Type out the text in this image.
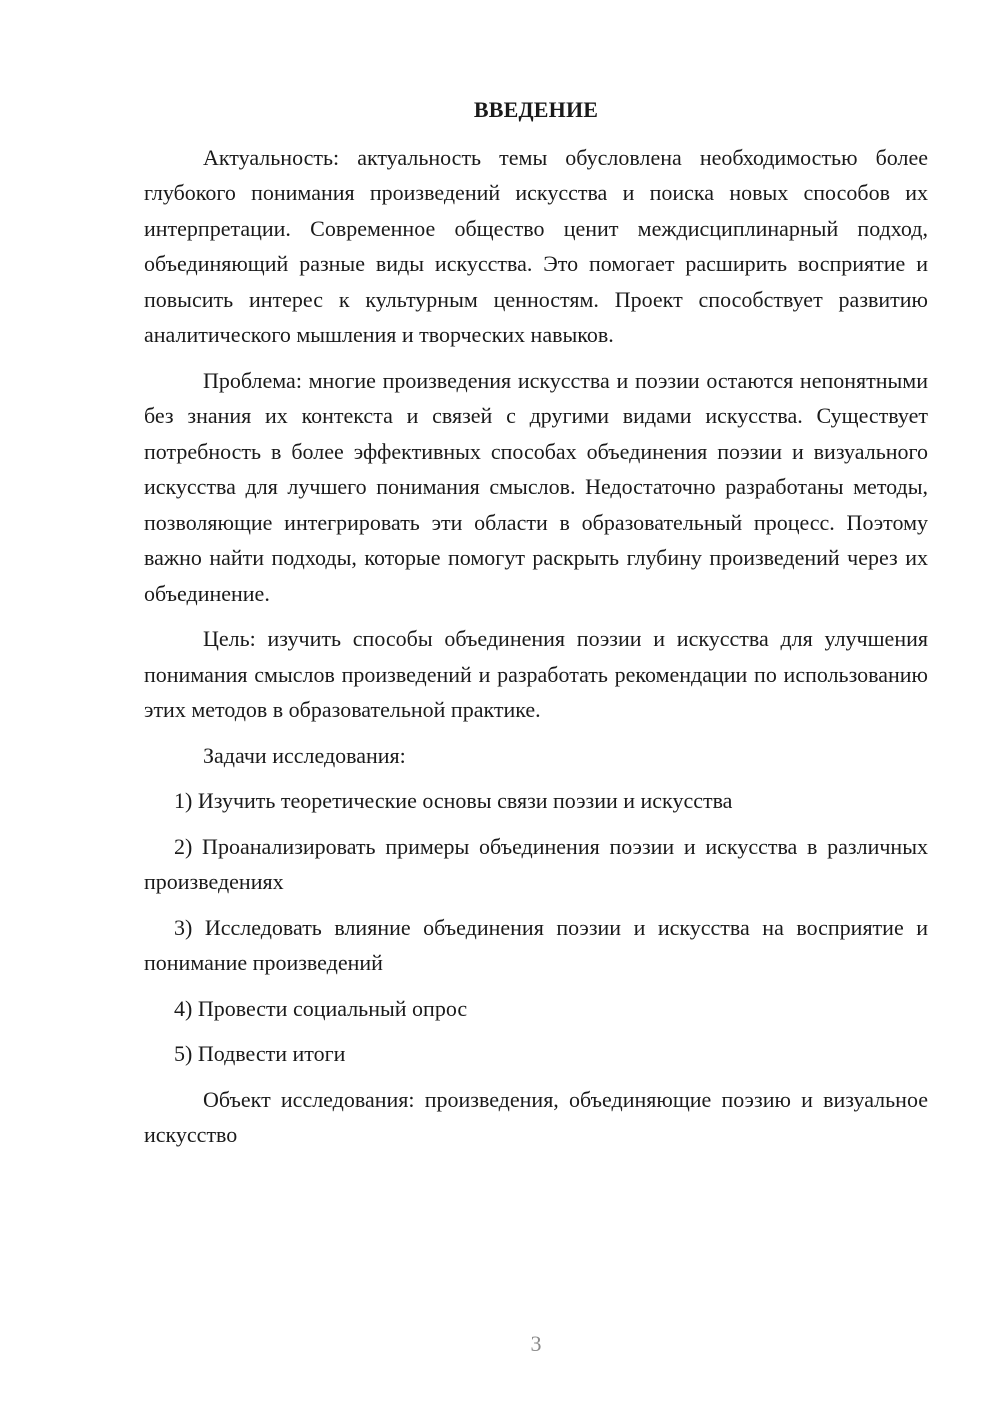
ВВЕДЕНИЕ

Актуальность: актуальность темы обусловлена необходимостью более глубокого понимания произведений искусства и поиска новых способов их интерпретации. Современное общество ценит междисциплинарный подход, объединяющий разные виды искусства. Это помогает расширить восприятие и повысить интерес к культурным ценностям. Проект способствует развитию аналитического мышления и творческих навыков.

Проблема: многие произведения искусства и поэзии остаются непонятными без знания их контекста и связей с другими видами искусства. Существует потребность в более эффективных способах объединения поэзии и визуального искусства для лучшего понимания смыслов. Недостаточно разработаны методы, позволяющие интегрировать эти области в образовательный процесс. Поэтому важно найти подходы, которые помогут раскрыть глубину произведений через их объединение.

Цель: изучить способы объединения поэзии и искусства для улучшения понимания смыслов произведений и разработать рекомендации по использованию этих методов в образовательной практике.

Задачи исследования:

1) Изучить теоретические основы связи поэзии и искусства

2) Проанализировать примеры объединения поэзии и искусства в различных произведениях

3) Исследовать влияние объединения поэзии и искусства на восприятие и понимание произведений

4) Провести социальный опрос

5) Подвести итоги

Объект исследования: произведения, объединяющие поэзию и визуальное искусство

3
